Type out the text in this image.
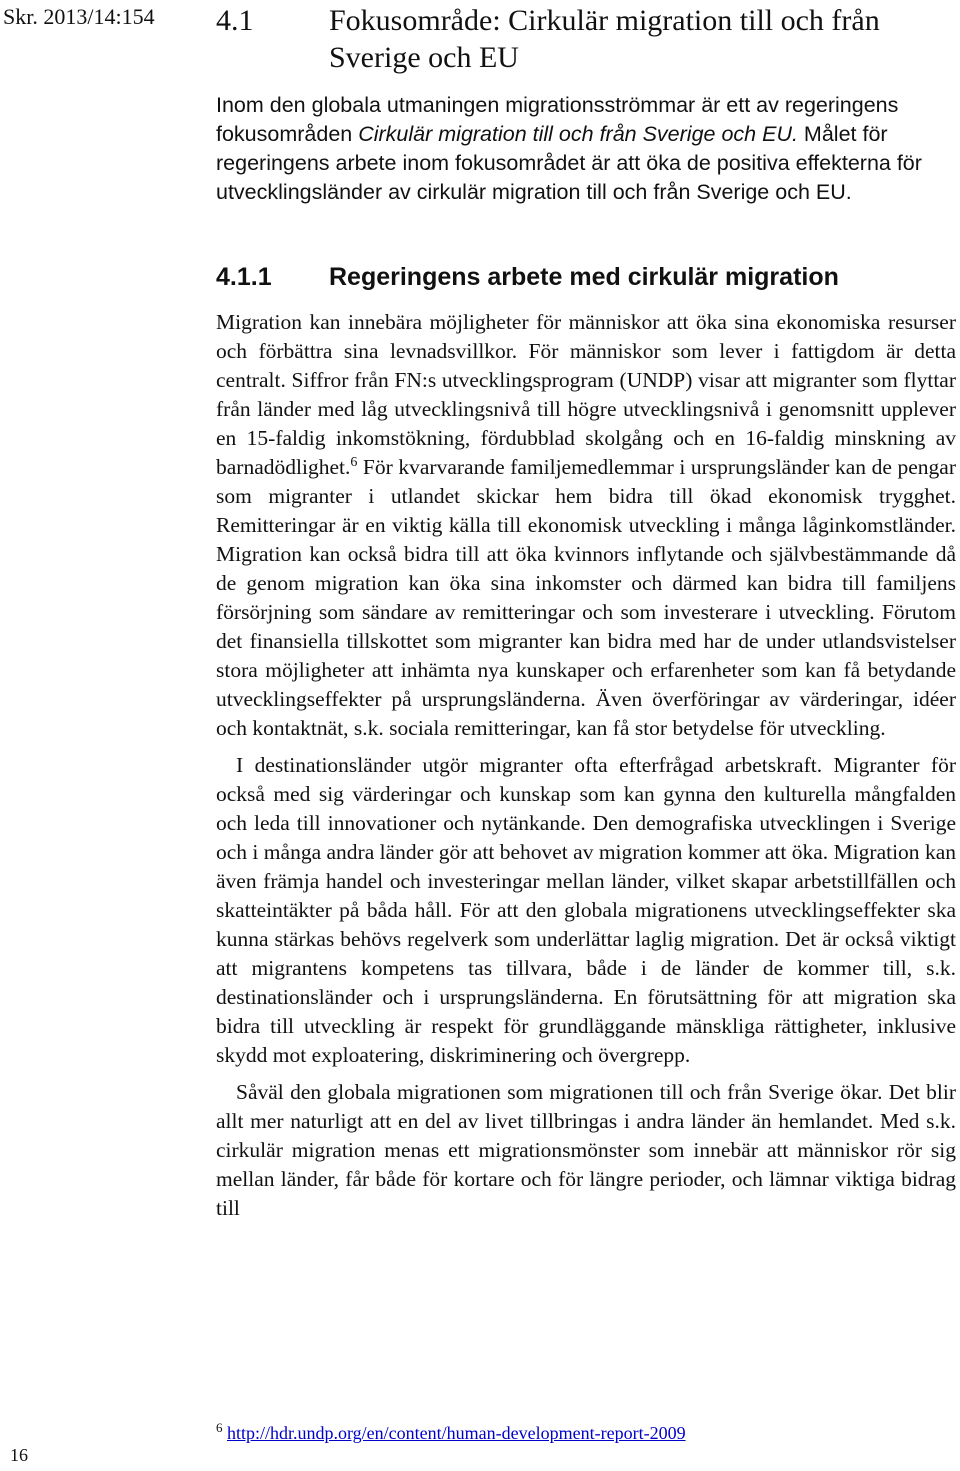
Skr. 2013/14:154 4.1	Fokusområde: Cirkulär migration till och från Sverige och EU
Inom den globala utmaningen migrationsströmmar är ett av regeringens fokusområden Cirkulär migration till och från Sverige och EU. Målet för regeringens arbete inom fokusområdet är att öka de positiva effekterna för utvecklingsländer av cirkulär migration till och från Sverige och EU.
4.1.1	Regeringens arbete med cirkulär migration

Migration kan innebära möjligheter för människor att öka sina ekonomiska resurser och förbättra sina levnadsvillkor. För människor som lever i fattigdom är detta centralt. Siffror från FN:s utvecklingsprogram (UNDP) visar att migranter som flyttar från länder med låg utvecklingsnivå till högre utvecklingsnivå i genomsnitt upplever en 15-faldig inkomstökning, fördubblad skolgång och en 16-faldig minskning av barnadödlighet.$^6$ För kvarvarande familjemedlemmar i ursprungsländer kan de pengar som migranter i utlandet skickar hem bidra till ökad ekonomisk trygghet. Remitteringar är en viktig källa till ekonomisk utveckling i många låginkomstländer. Migration kan också bidra till att öka kvinnors inflytande och självbestämmande då de genom migration kan öka sina inkomster och därmed kan bidra till familjens försörjning som sändare av remitteringar och som investerare i utveckling. Förutom det finansiella tillskottet som migranter kan bidra med har de under utlandsvistelser stora möjligheter att inhämta nya kunskaper och erfarenheter som kan få betydande utvecklingseffekter på ursprungsländerna. Även överföringar av värderingar, idéer och kontaktnät, s.k. sociala remitteringar, kan få stor betydelse för utveckling.

I destinationsländer utgör migranter ofta efterfrågad arbetskraft. Migranter för också med sig värderingar och kunskap som kan gynna den kulturella mångfalden och leda till innovationer och nytänkande. Den demografiska utvecklingen i Sverige och i många andra länder gör att behovet av migration kommer att öka. Migration kan även främja handel och investeringar mellan länder, vilket skapar arbetstillfällen och skatteintäkter på båda håll. För att den globala migrationens utvecklingseffekter ska kunna stärkas behövs regelverk som underlättar laglig migration. Det är också viktigt att migrantens kompetens tas tillvara, både i de länder de kommer till, s.k. destinationsländer och i ursprungsländerna. En förutsättning för att migration ska bidra till utveckling är respekt för grundläggande mänskliga rättigheter, inklusive skydd mot exploatering, diskriminering och övergrepp.

Såväl den globala migrationen som migrationen till och från Sverige ökar. Det blir allt mer naturligt att en del av livet tillbringas i andra länder än hemlandet. Med s.k. cirkulär migration menas ett migrationsmönster som innebär att människor rör sig mellan länder, får både för kortare och för längre perioder, och lämnar viktiga bidrag till

$^6$ http://hdr.undp.org/en/content/human-development-report-2009
16
